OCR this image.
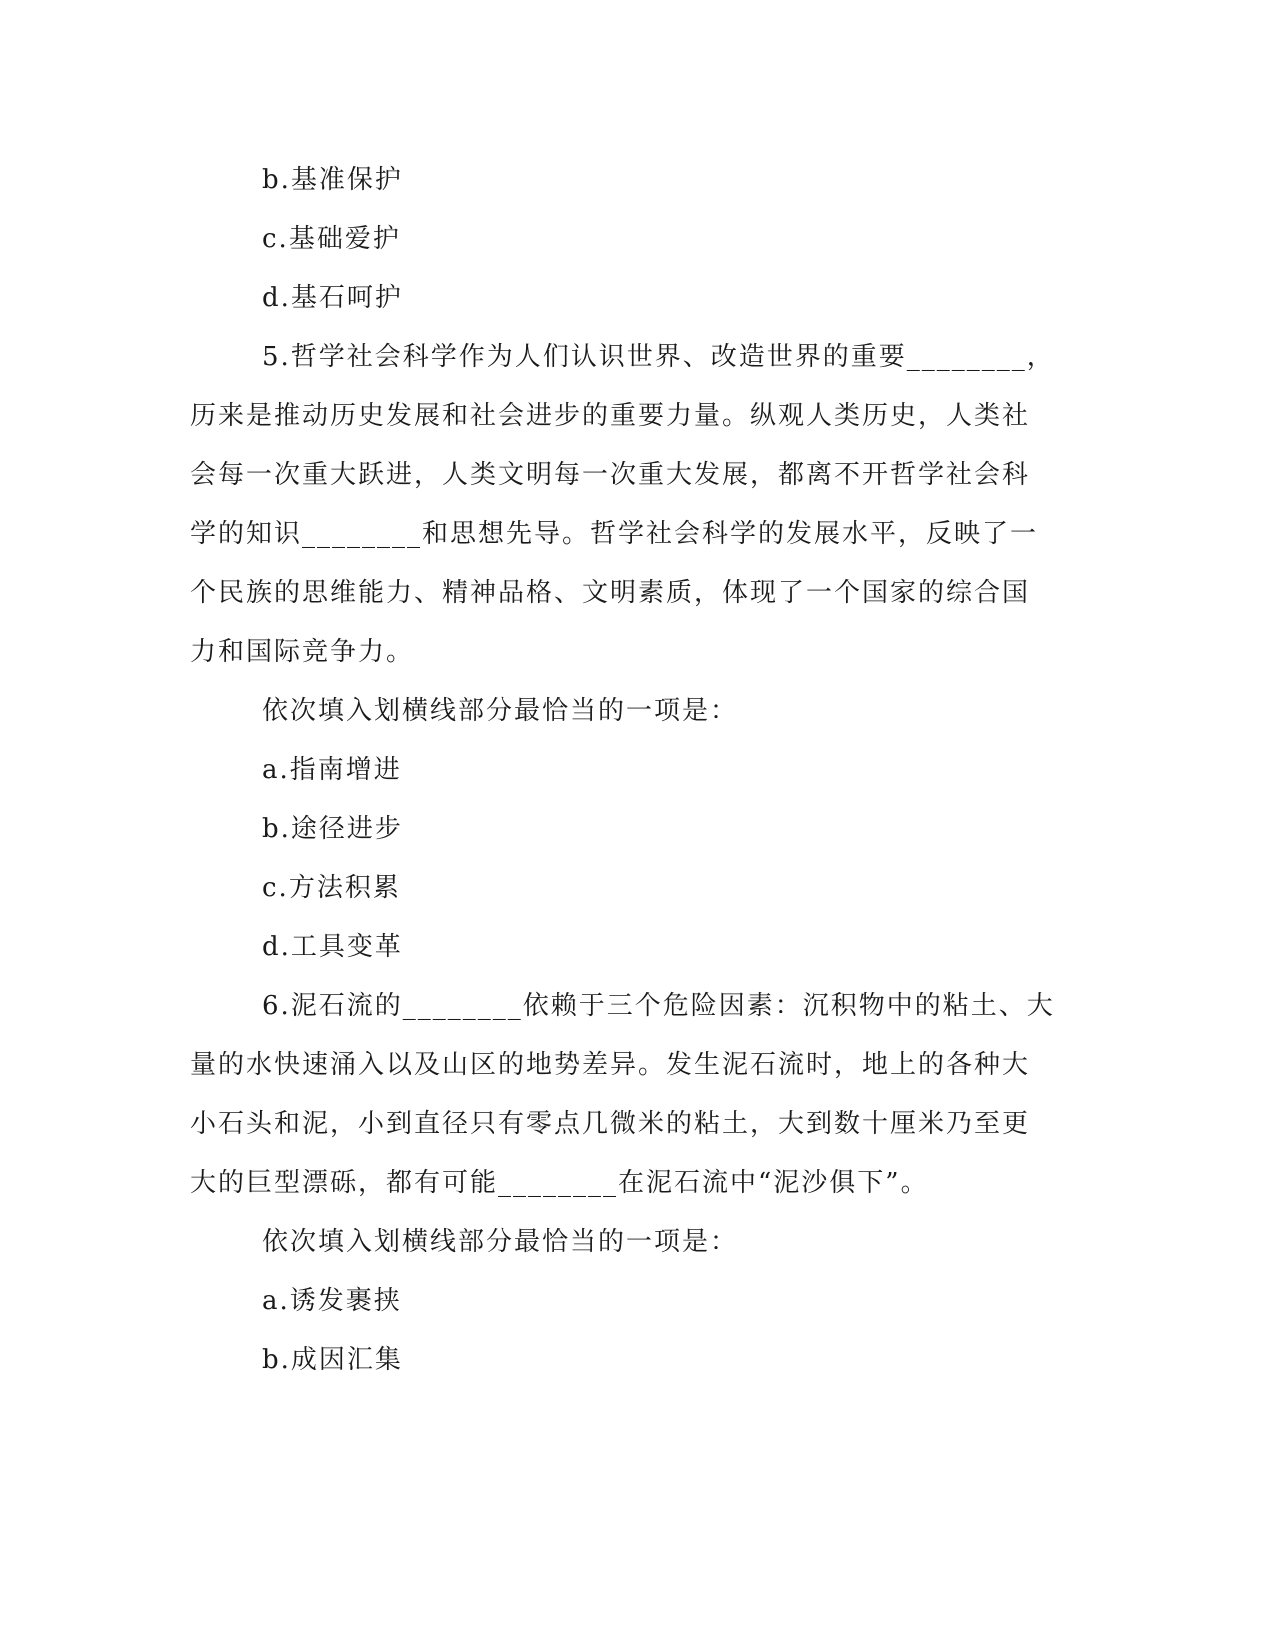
b.基准保护
c.基础爱护
d.基石呵护
5.哲学社会科学作为人们认识世界、改造世界的重要________，
历来是推动历史发展和社会进步的重要力量。纵观人类历史，人类社
会每一次重大跃进，人类文明每一次重大发展，都离不开哲学社会科
学的知识________和思想先导。哲学社会科学的发展水平，反映了一
个民族的思维能力、精神品格、文明素质，体现了一个国家的综合国
力和国际竞争力。
依次填入划横线部分最恰当的一项是：
a.指南增进
b.途径进步
c.方法积累
d.工具变革
6.泥石流的________依赖于三个危险因素：沉积物中的粘土、大
量的水快速涌入以及山区的地势差异。发生泥石流时，地上的各种大
小石头和泥，小到直径只有零点几微米的粘土，大到数十厘米乃至更
大的巨型漂砾，都有可能________在泥石流中“泥沙俱下”。
依次填入划横线部分最恰当的一项是：
a.诱发裹挟
b.成因汇集
